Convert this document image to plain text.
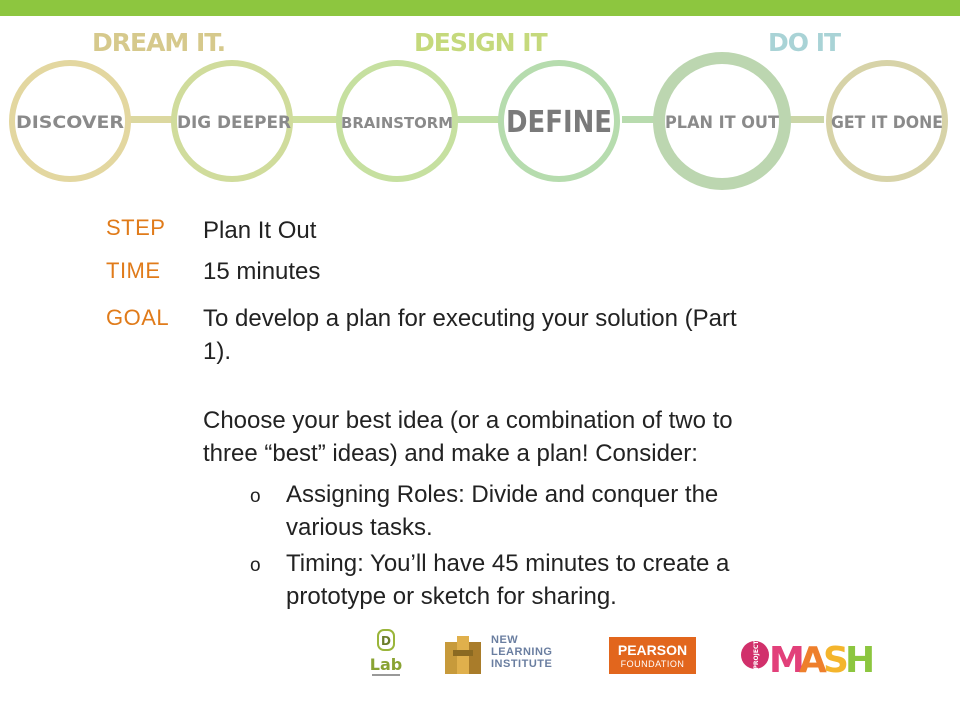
DREAM IT.	DESIGN IT	DO IT
DISCOVER	DIG DEEPER	BRAINSTORM DEFINE	PLAN IT OUT	GET IT DONE
STEP Plan It Out
TIME 15 minutes
GOAL To develop a plan for executing your solution (Part
1).
Choose your best idea (or a combination of two to
three “best” ideas) and make a plan! Consider:
o Assigning Roles: Divide and conquer the
various tasks.
o Timing: You’ll have 45 minutes to create a
prototype or sketch for sharing.
D
Lab
NEW
LEARNING
INSTITUTE
PEARSON
FOUNDATION	PROJECT M
A
S
H
